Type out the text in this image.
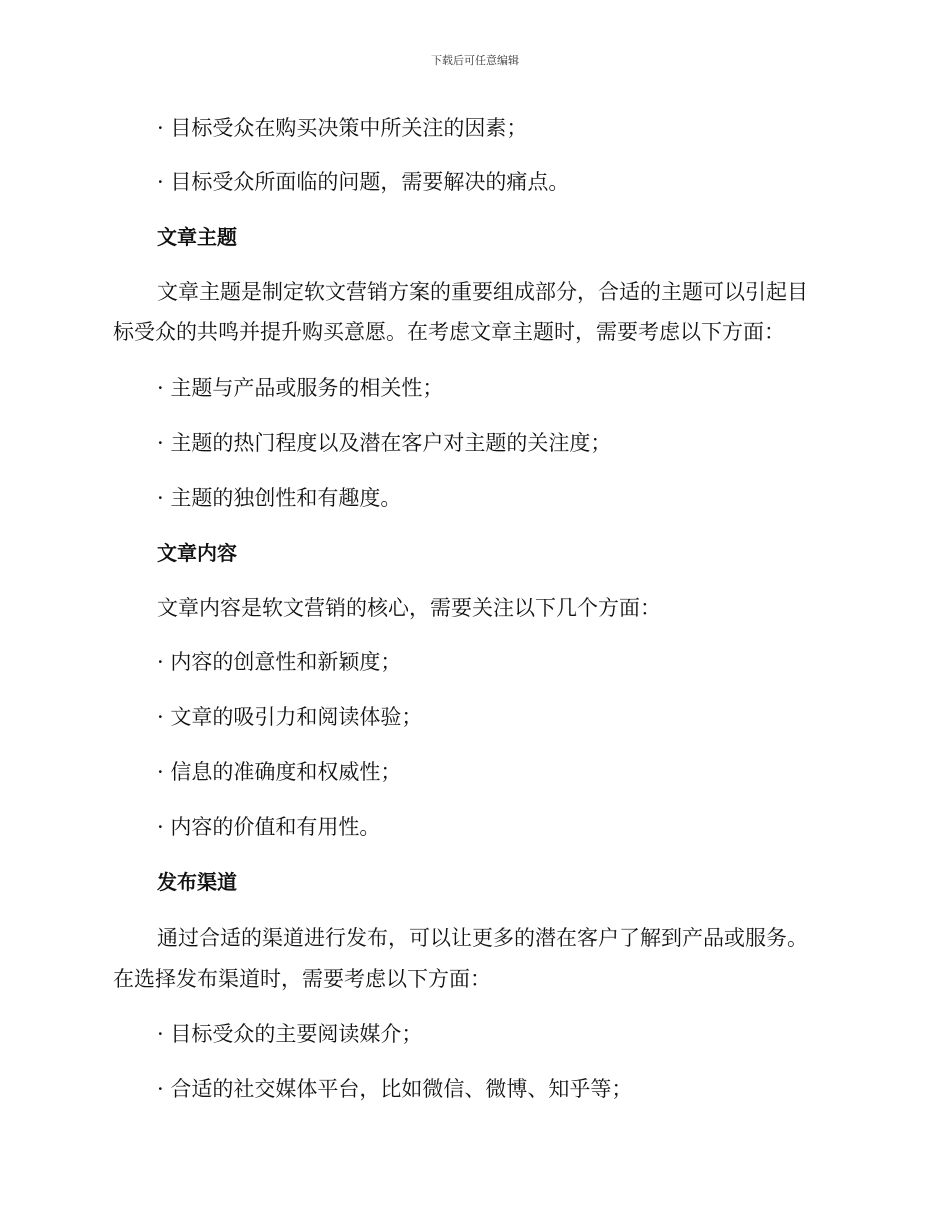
下载后可任意编辑
· 目标受众在购买决策中所关注的因素；
· 目标受众所面临的问题，需要解决的痛点。
文章主题
文章主题是制定软文营销方案的重要组成部分，合适的主题可以引起目
标受众的共鸣并提升购买意愿。在考虑文章主题时，需要考虑以下方面：
· 主题与产品或服务的相关性；
· 主题的热门程度以及潜在客户对主题的关注度；
· 主题的独创性和有趣度。
文章内容
文章内容是软文营销的核心，需要关注以下几个方面：
· 内容的创意性和新颖度；
· 文章的吸引力和阅读体验；
· 信息的准确度和权威性；
· 内容的价值和有用性。
发布渠道
通过合适的渠道进行发布，可以让更多的潜在客户了解到产品或服务。
在选择发布渠道时，需要考虑以下方面：
· 目标受众的主要阅读媒介；
· 合适的社交媒体平台，比如微信、微博、知乎等；
